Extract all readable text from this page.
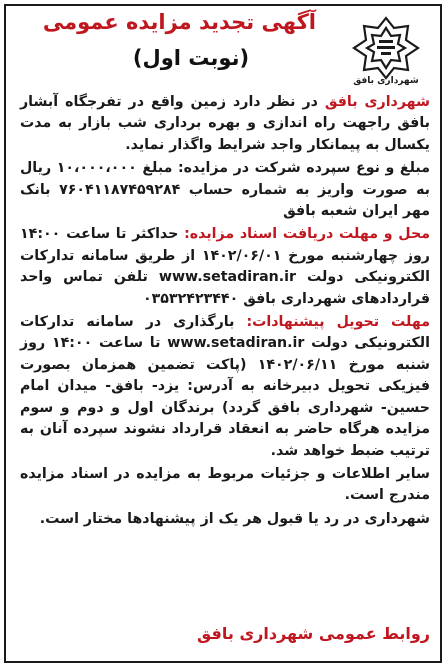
شهرداری بافق
آگهی تجدید مزایده عمومی
(نوبت اول)

شهرداری بافق در نظر دارد زمین واقع در تفرجگاه آبشار بافق راجهت راه اندازی و بهره برداری شب بازار به مدت یکسال به پیمانکار واجد شرایط واگذار نماید.

مبلغ و نوع سپرده شرکت در مزایده: مبلغ ۱۰،۰۰۰،۰۰۰ ریال به صورت واریز به شماره حساب ۷۶۰۴۱۱۸۷۴۵۹۲۸۴ بانک مهر ایران شعبه بافق

محل و مهلت دریافت اسناد مزایده: حداکثر تا ساعت ۱۴:۰۰ روز چهارشنبه مورخ ۱۴۰۲/۰۶/۰۱ از طریق سامانه تدارکات الکترونیکی دولت www.setadiran.ir تلفن تماس واحد قراردادهای شهرداری بافق ۰۳۵۳۲۴۲۳۴۴۰

مهلت تحویل پیشنهادات: بارگذاری در سامانه تدارکات الکترونیکی دولت www.setadiran.ir تا ساعت ۱۴:۰۰ روز شنبه مورخ ۱۴۰۲/۰۶/۱۱ (پاکت تضمین همزمان بصورت فیزیکی تحویل دبیرخانه به آدرس: یزد- بافق- میدان امام حسین- شهرداری بافق گردد) برندگان اول و دوم و سوم مزایده هرگاه حاضر به انعقاد قرارداد نشوند سپرده آنان به ترتیب ضبط خواهد شد.

سایر اطلاعات و جزئیات مربوط به مزایده در اسناد مزایده مندرج است.

شهرداری در رد یا قبول هر یک از پیشنهادها مختار است.

روابط عمومی شهرداری بافق
